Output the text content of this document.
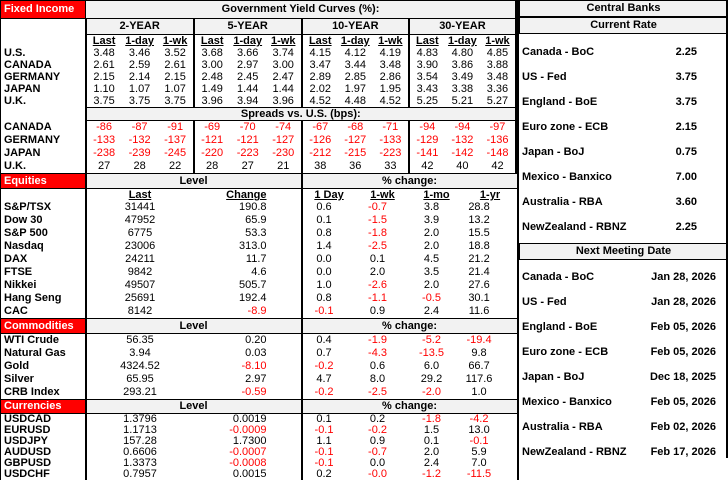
Fixed Income	Government Yield Curves (%):											
	2-YEAR			5-YEAR			10-YEAR			30-YEAR		
	Last	1-day	1-wk	Last	1-day	1-wk	Last	1-day	1-wk	Last	1-day	1-wk
U.S.	3.48	3.46	3.52	3.68	3.66	3.74	4.15	4.12	4.19	4.83	4.80	4.85
CANADA	2.61	2.59	2.61	3.00	2.97	3.00	3.47	3.44	3.48	3.90	3.86	3.88
GERMANY	2.15	2.14	2.15	2.48	2.45	2.47	2.89	2.85	2.86	3.54	3.49	3.48
JAPAN	1.10	1.07	1.07	1.49	1.44	1.44	2.02	1.97	1.95	3.43	3.38	3.36
U.K.	3.75	3.75	3.75	3.96	3.94	3.96	4.52	4.48	4.52	5.25	5.21	5.27
	Spreads vs. U.S. (bps):											
CANADA	-86	-87	-91	-69	-70	-74	-67	-68	-71	-94	-94	-97
GERMANY	-133	-132	-137	-121	-121	-127	-126	-127	-133	-129	-132	-136
JAPAN	-238	-239	-245	-220	-223	-230	-212	-215	-223	-141	-142	-148
U.K.	27	28	22	28	27	21	38	36	33	42	40	42
Equities	Level		% change:			
	Last	Change	1 Day	1-wk	1-mo	1-yr
S&P/TSX	31441	190.8	0.6	-0.7	3.8	28.8
Dow 30	47952	65.9	0.1	-1.5	3.9	13.2
S&P 500	6775	53.3	0.8	-1.8	2.0	15.5
Nasdaq	23006	313.0	1.4	-2.5	2.0	18.8
DAX	24211	11.7	0.0	0.1	4.5	21.2
FTSE	9842	4.6	0.0	2.0	3.5	21.4
Nikkei	49507	505.7	1.0	-2.6	2.0	27.6
Hang Seng	25691	192.4	0.8	-1.1	-0.5	30.1
CAC	8142	-8.9	-0.1	0.9	2.4	11.6
Commodities	Level		% change:			
WTI Crude	56.35	0.20	0.4	-1.9	-5.2	-19.4
Natural Gas	3.94	0.03	0.7	-4.3	-13.5	9.8
Gold	4324.52	-8.10	-0.2	0.6	6.0	66.7
Silver	65.95	2.97	4.7	8.0	29.2	117.6
CRB Index	293.21	-0.59	-0.2	-2.5	-2.0	1.0
Currencies	Level		% change:			
USDCAD	1.3796	0.0019	0.1	0.2	-1.8	-4.2
EURUSD	1.1713	-0.0009	-0.1	-0.2	1.5	13.0
USDJPY	157.28	1.7300	1.1	0.9	0.1	-0.1
AUDUSD	0.6606	-0.0007	-0.1	-0.7	2.0	5.9
GBPUSD	1.3373	-0.0008	-0.1	0.0	2.4	7.0
USDCHF	0.7957	0.0015	0.2	-0.0	-1.2	-11.5
Central Banks
Current Rate
Canada - BoC	2.25
US - Fed	3.75
England - BoE	3.75
Euro zone - ECB	2.15
Japan - BoJ	0.75
Mexico - Banxico	7.00
Australia - RBA	3.60
NewZealand - RBNZ	2.25
Next Meeting Date
Canada - BoC	Jan 28, 2026
US - Fed	Jan 28, 2026
England - BoE	Feb 05, 2026
Euro zone - ECB	Feb 05, 2026
Japan - BoJ	Dec 18, 2025
Mexico - Banxico	Feb 05, 2026
Australia - RBA	Feb 02, 2026
NewZealand - RBNZ Feb 17, 2026
